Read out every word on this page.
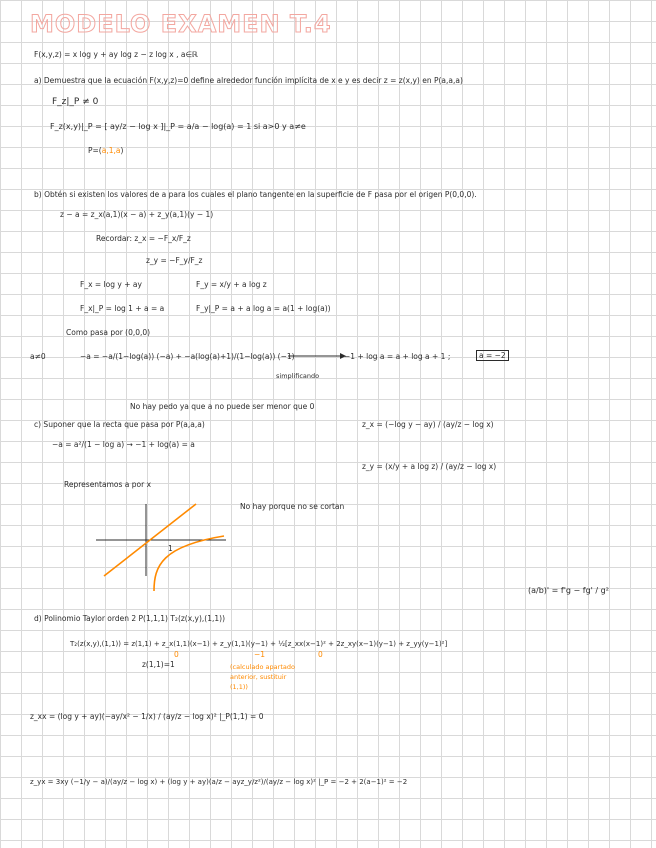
MODELO EXAMEN T.4
F(x,y,z) = x log y + ay log z − z log x , a∈ℝ
a) Demuestra que la ecuación F(x,y,z)=0 define alrededor función implícita de x e y es decir z = z(x,y) en P(a,a,a)
F_z|_P ≠ 0
F_z(x,y)|_P = [ ay/z − log x ]|_P = a/a − log(a) = 1 si a>0 y a≠e
P=(a,1,a)
b) Obtén si existen los valores de a para los cuales el plano tangente en la superficie de F pasa por el origen P(0,0,0).
z − a = z_x(a,1)(x − a) + z_y(a,1)(y − 1)
Recordar: z_x = −F_x/F_z
z_y = −F_y/F_z
F_x = log y + ay	F_y = x/y + a log z
F_x|_P = log 1 + a = a	F_y|_P = a + a log a = a(1 + log(a))
Como pasa por (0,0,0)
a≠0	−a = −a/(1−log(a)) (−a) + −a(log(a)+1)/(1−log(a)) (−1)
simplificando
−1 + log a = a + log a + 1 ;	a = −2
No hay pedo ya que a no puede ser menor que 0
c) Suponer que la recta que pasa por P(a,a,a)
−a = a²/(1 − log a) → −1 + log(a) = a
z_x = (−log y − ay) / (ay/z − log x)
z_y = (x/y + a log z) / (ay/z − log x)
Representamos a por x
No hay porque no se cortan
1
(a/b)' = f'g − fg' / g²
d) Polinomio Taylor orden 2 P(1,1,1) T₂(z(x,y),(1,1))
T₂(z(x,y),(1,1)) = z(1,1) + z_x(1,1)(x−1) + z_y(1,1)(y−1) + ½[z_xx(x−1)² + 2z_xy(x−1)(y−1) + z_yy(y−1)²]
z(1,1)=1
0	−1	0
(calculado apartado anterior, sustituir (1,1))
z_xx = (log y + ay)(−ay/x² − 1/x) / (ay/z − log x)² |_P(1,1) = 0
z_yx = 3xy (−1/y − a)/(ay/z − log x) + (log y + ay)(a/z − ayz_y/z²)/(ay/z − log x)² |_P = −2 + 2(a−1)² = −2
